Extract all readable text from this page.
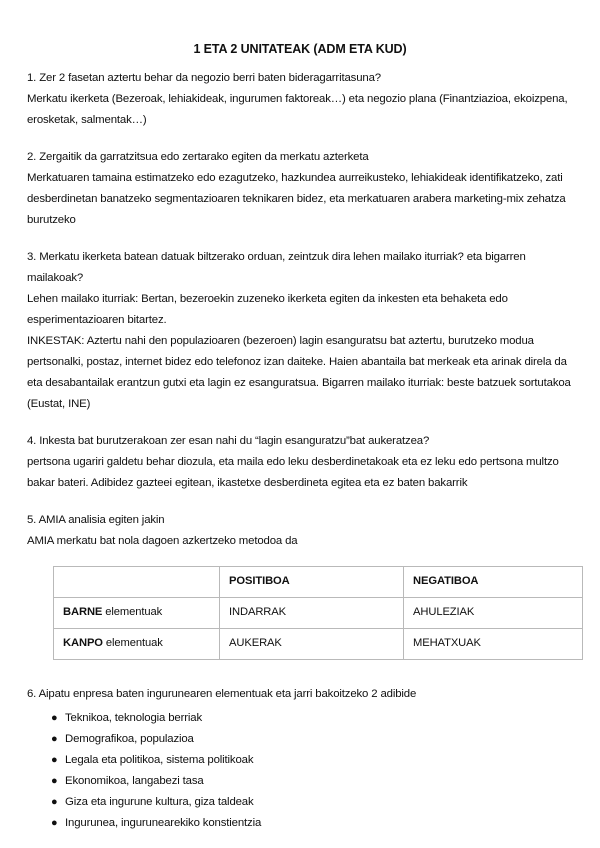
1 ETA 2 UNITATEAK (ADM ETA KUD)

1. Zer 2 fasetan aztertu behar da negozio berri baten bideragarritasuna?

Merkatu ikerketa (Bezeroak, lehiakideak, ingurumen faktoreak…) eta negozio plana (Finantziazioa, ekoizpena, erosketak, salmentak…)

2. Zergaitik da garratzitsua edo zertarako egiten da merkatu azterketa

Merkatuaren tamaina estimatzeko edo ezagutzeko, hazkundea aurreikusteko, lehiakideak identifikatzeko, zati desberdinetan banatzeko segmentazioaren teknikaren bidez, eta merkatuaren arabera marketing-mix zehatza burutzeko

3. Merkatu ikerketa batean datuak biltzerako orduan, zeintzuk dira lehen mailako iturriak? eta bigarren mailakoak?

Lehen mailako iturriak: Bertan, bezeroekin zuzeneko ikerketa egiten da inkesten eta behaketa edo esperimentazioaren bitartez.

INKESTAK: Aztertu nahi den populazioaren (bezeroen) lagin esanguratsu bat aztertu, burutzeko modua pertsonalki, postaz, internet bidez edo telefonoz izan daiteke. Haien abantaila bat merkeak eta arinak direla da eta desabantailak erantzun gutxi eta lagin ez esanguratsua. Bigarren mailako iturriak: beste batzuek sortutakoa (Eustat, INE)

4. Inkesta bat burutzerakoan zer esan nahi du “lagin esanguratzu”bat aukeratzea?

pertsona ugariri galdetu behar diozula, eta maila edo leku desberdinetakoak eta ez leku edo pertsona multzo bakar bateri. Adibidez gazteei egitean, ikastetxe desberdineta egitea eta ez baten bakarrik

5. AMIA analisia egiten jakin

AMIA merkatu bat nola dagoen azkertzeko metodoa da

	POSITIBOA	NEGATIBOA
BARNE elementuak	INDARRAK	AHULEZIAK
KANPO elementuak	AUKERAK	MEHATXUAK

6. Aipatu enpresa baten ingurunearen elementuak eta jarri bakoitzeko 2 adibide

● Teknikoa, teknologia berriak
● Demografikoa, populazioa
● Legala eta politikoa, sistema politikoak
● Ekonomikoa, langabezi tasa
● Giza eta ingurune kultura, giza taldeak
● Ingurunea, ingurunearekiko konstientzia
